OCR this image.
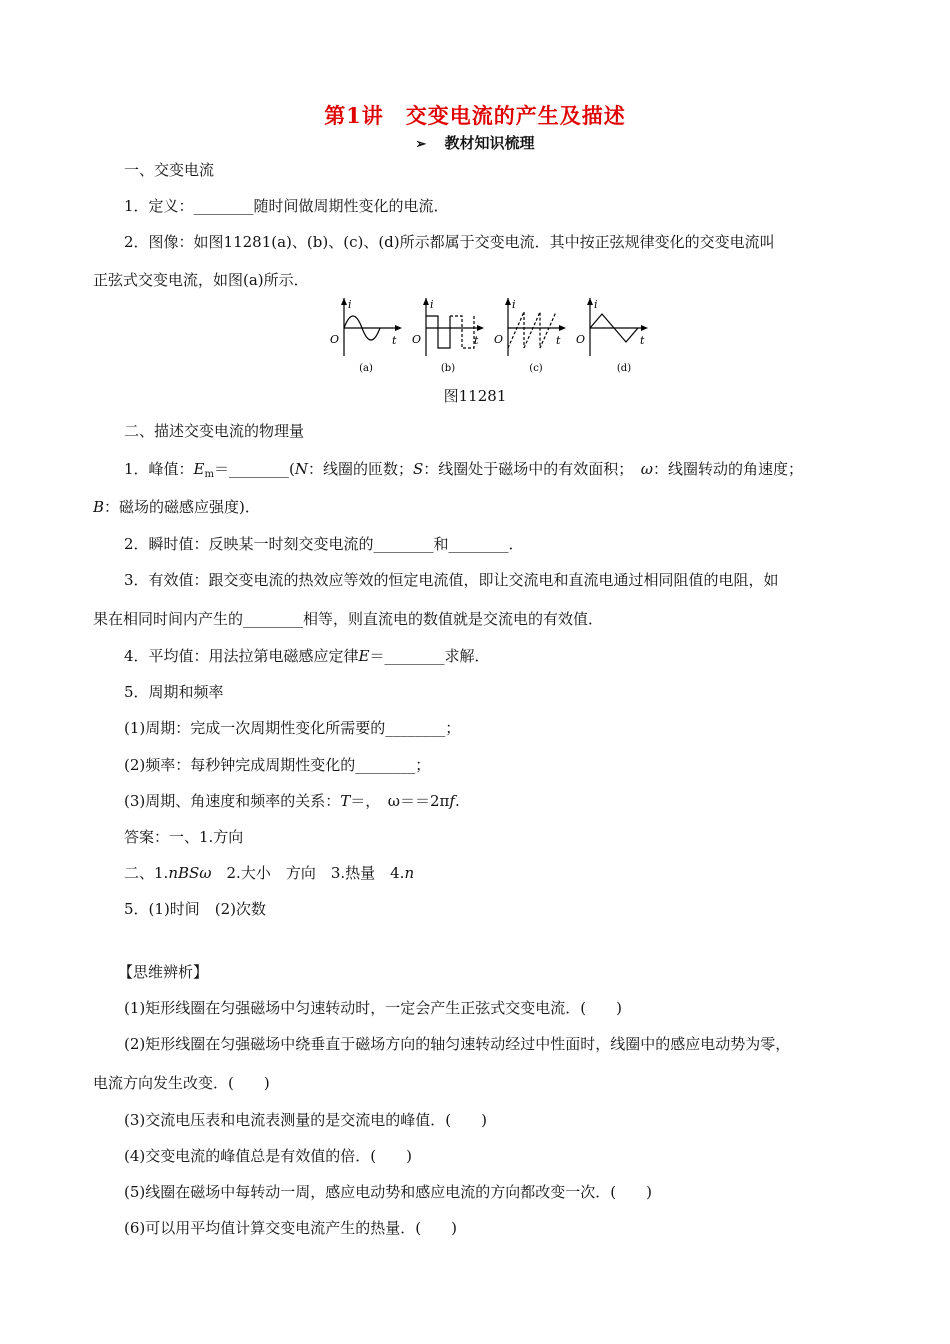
第1讲　交变电流的产生及描述
➢ 教材知识梳理
一、交变电流
1．定义：________随时间做周期性变化的电流．
2．图像：如图11281(a)、(b)、(c)、(d)所示都属于交变电流．其中按正弦规律变化的交变电流叫
正弦式交变电流，如图(a)所示．
O
i
t
(a)
O
i
t
(b)
O
i
t
(c)
O
i
t
(d)
图11281
二、描述交变电流的物理量
1．峰值：$E_m=\_\_\_\_\_\_\_\_(N$：线圈的匝数；S：线圈处于磁场中的有效面积；　ω：线圈转动的角速度；
B：磁场的磁感应强度)．
2．瞬时值：反映某一时刻交变电流的________和________．
3．有效值：跟交变电流的热效应等效的恒定电流值，即让交流电和直流电通过相同阻值的电阻，如
果在相同时间内产生的________相等，则直流电的数值就是交流电的有效值．
4．平均值：用法拉第电磁感应定律E＝________求解．
5．周期和频率
(1)周期：完成一次周期性变化所需要的________；
(2)频率：每秒钟完成周期性变化的________；
(3)周期、角速度和频率的关系：T＝，　ω＝＝2πf.
答案：一、1.方向
二、1.nBSω　2.大小　方向　3.热量　4.n
5．(1)时间　(2)次数
【思维辨析】
(1)矩形线圈在匀强磁场中匀速转动时，一定会产生正弦式交变电流．(　　)
(2)矩形线圈在匀强磁场中绕垂直于磁场方向的轴匀速转动经过中性面时，线圈中的感应电动势为零，
电流方向发生改变．(　　)
(3)交流电压表和电流表测量的是交流电的峰值．(　　)
(4)交变电流的峰值总是有效值的倍．(　　)
(5)线圈在磁场中每转动一周，感应电动势和感应电流的方向都改变一次．(　　)
(6)可以用平均值计算交变电流产生的热量．(　　)
